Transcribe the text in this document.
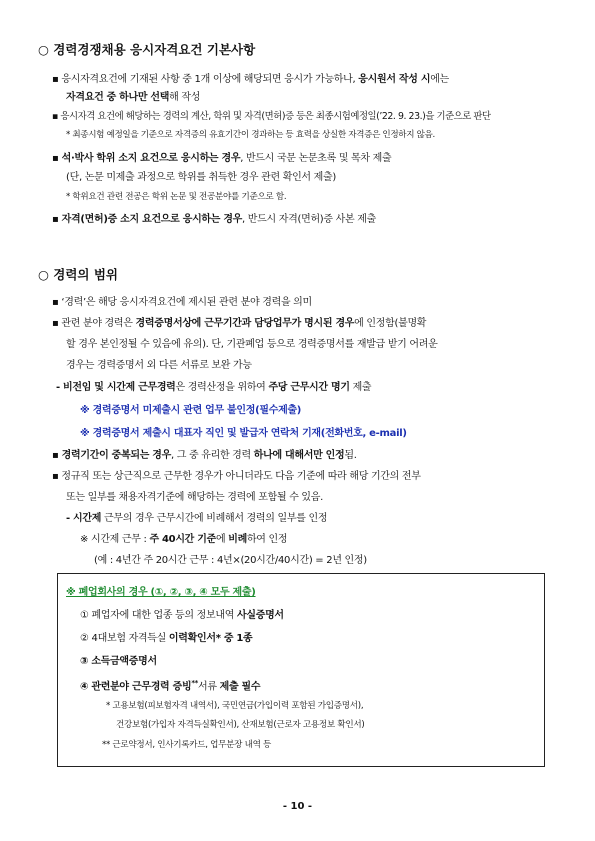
○ 경력경쟁채용 응시자격요건 기본사항
▪ 응시자격요건에 기재된 사항 중 1개 이상에 해당되면 응시가 가능하나, 응시원서 작성 시에는
자격요건 중 하나만 선택해 작성
▪ 응시자격 요건에 해당하는 경력의 계산, 학위 및 자격(면허)증 등은 최종시험예정일(’22. 9. 23.)을 기준으로 판단
* 최종시험 예정일을 기준으로 자격증의 유효기간이 경과하는 등 효력을 상실한 자격증은 인정하지 않음.
▪ 석·박사 학위 소지 요건으로 응시하는 경우, 반드시 국문 논문초록 및 목차 제출
(단, 논문 미제출 과정으로 학위를 취득한 경우 관련 확인서 제출)
* 학위요건 관련 전공은 학위 논문 및 전공분야를 기준으로 함.
▪ 자격(면허)증 소지 요건으로 응시하는 경우, 반드시 자격(면허)증 사본 제출
○ 경력의 범위
▪ ‘경력’은 해당 응시자격요건에 제시된 관련 분야 경력을 의미
▪ 관련 분야 경력은 경력증명서상에 근무기간과 담당업무가 명시된 경우에 인정함(불명확
할 경우 본인정될 수 있음에 유의). 단, 기관폐업 등으로 경력증명서를 재발급 받기 어려운
경우는 경력증명서 외 다른 서류로 보완 가능
- 비전임 및 시간제 근무경력은 경력산정을 위하여 주당 근무시간 명기 제출
※ 경력증명서 미제출시 관련 업무 불인정(필수제출)
※ 경력증명서 제출시 대표자 직인 및 발급자 연락처 기재(전화번호, e-mail)
▪ 경력기간이 중복되는 경우, 그 중 유리한 경력 하나에 대해서만 인정됨.
▪ 정규직 또는 상근직으로 근무한 경우가 아니더라도 다음 기준에 따라 해당 기간의 전부
또는 일부를 채용자격기준에 해당하는 경력에 포함될 수 있음.
- 시간제 근무의 경우 근무시간에 비례해서 경력의 일부를 인정
※ 시간제 근무 : 주 40시간 기준에 비례하여 인정
(예 : 4년간 주 20시간 근무 : 4년×(20시간/40시간) = 2년 인정)
※ 폐업회사의 경우 (①, ②, ③, ④ 모두 제출)
① 폐업자에 대한 업종 등의 정보내역 사실증명서
② 4대보험 자격득실 이력확인서* 중 1종
③ 소득금액증명서
④ 관련분야 근무경력 증빙**서류 제출 필수
* 고용보험(피보험자격 내역서), 국민연금(가입이력 포함된 가입증명서),
건강보험(가입자 자격득실확인서), 산재보험(근로자 고용정보 확인서)
** 근로약정서, 인사기록카드, 업무분장 내역 등
- 10 -
